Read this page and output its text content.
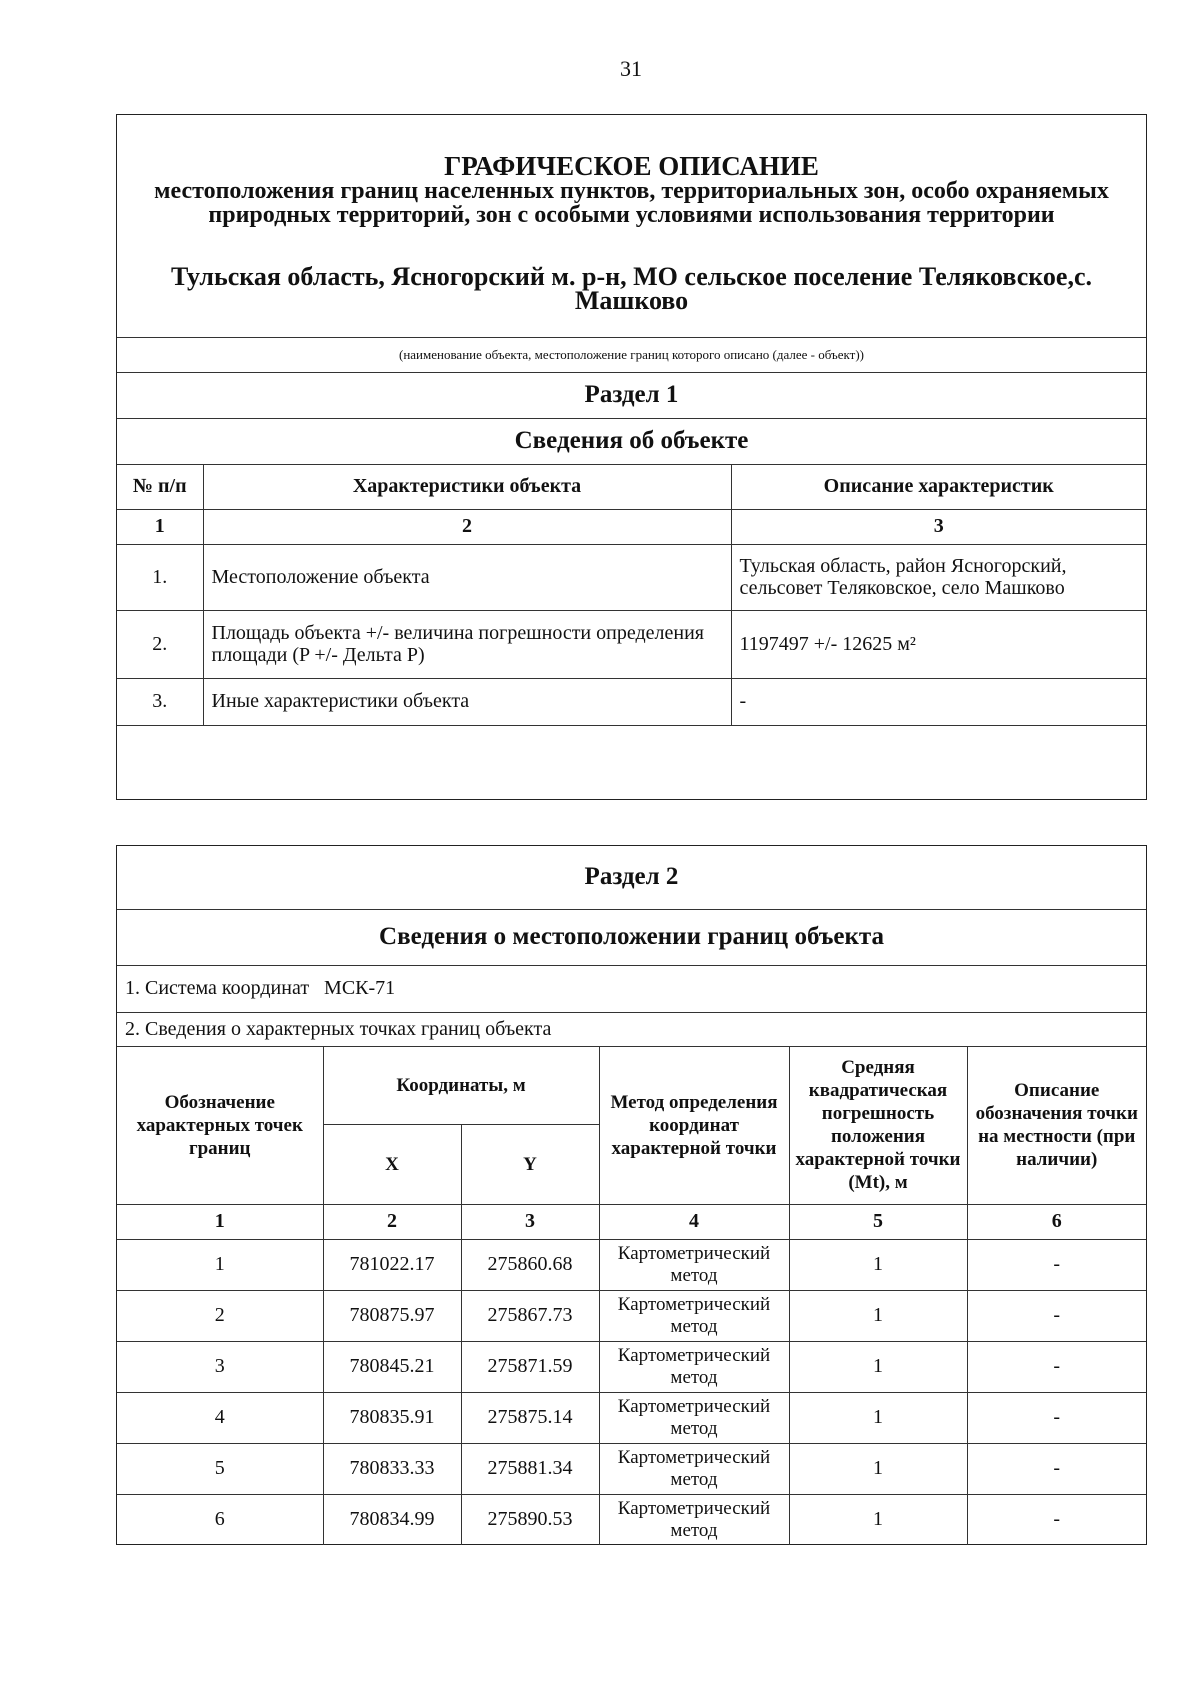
31
ГРАФИЧЕСКОЕ ОПИСАНИЕ
местоположения границ населенных пунктов, территориальных зон, особо охраняемых природных территорий, зон с особыми условиями использования территории
Тульская область, Ясногорский м. р-н, МО сельское поселение Теляковское,с. Машково		

(наименование объекта, местоположение границ которого описано (далее - объект))		
Раздел 1		
Сведения об объекте		
№ п/п	Характеристики объекта	Описание характеристик
1	2	3
1.	Местоположение объекта	Тульская область, район Ясногорский, сельсовет Теляковское, село Машково
2.	Площадь объекта +/- величина погрешности определения площади (P +/- Дельта P)	1197497 +/- 12625 м²
3.	Иные характеристики объекта	-

Раздел 2					
Сведения о местоположении границ объекта					
1. Система координат   МСК-71					
2. Сведения о характерных точках границ объекта					
Обозначение характерных точек границ	Координаты, м		Метод определения координат характерной точки	Средняя квадратическая погрешность положения характерной точки (Mt), м	Описание обозначения точки на местности (при наличии)
	X	Y			
1	2	3	4	5	6
1	781022.17	275860.68	Картометрический метод	1	-
2	780875.97	275867.73	Картометрический метод	1	-
3	780845.21	275871.59	Картометрический метод	1	-
4	780835.91	275875.14	Картометрический метод	1	-
5	780833.33	275881.34	Картометрический метод	1	-
6	780834.99	275890.53	Картометрический метод	1	-
